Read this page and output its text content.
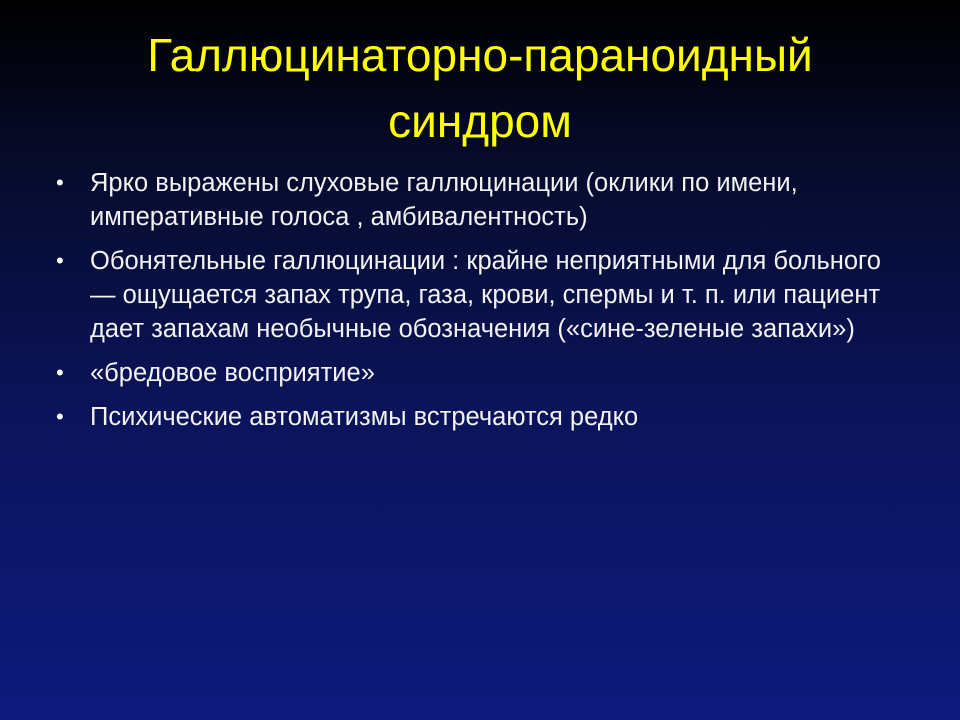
Галлюцинаторно-параноидный синдром
•	Ярко выражены слуховые галлюцинации (оклики по имени, императивные голоса , амбивалентность)
•	Обонятельные галлюцинации : крайне неприятными для больного — ощущается запах трупа, газа, крови, спермы и т. п. или пациент дает запахам необычные обозначения («сине-зеленые запахи»)
•	«бредовое восприятие»
•	Психические автоматизмы встречаются редко
